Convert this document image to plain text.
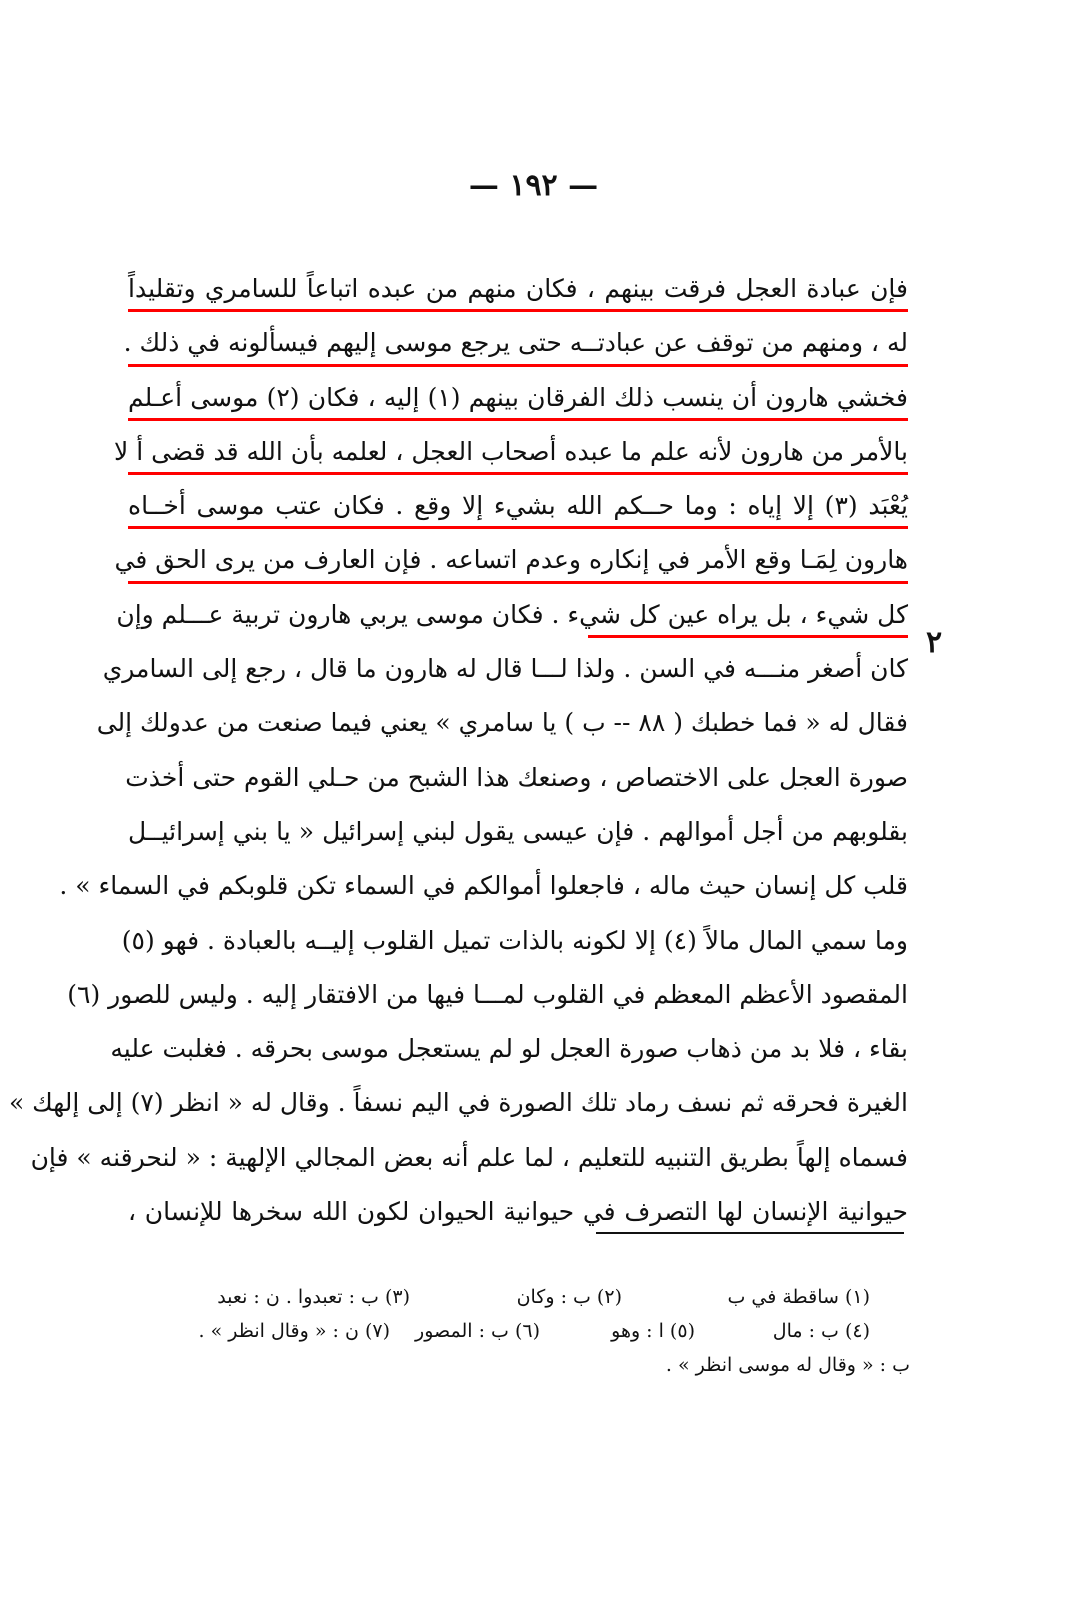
— ١٩٢ —
٢
فإن عبادة العجل فرقت بينهم ، فكان منهم من عبده اتباعاً للسامري وتقليداً
له ، ومنهم من توقف عن عبادتــه حتى يرجع موسى إليهم فيسألونه في ذلك .
فخشي هارون أن ينسب ذلك الفرقان بينهم (١) إليه ، فكان (٢) موسى أعـلم
بالأمر من هارون لأنه علم ما عبده أصحاب العجل ، لعلمه بأن الله قد قضى أ لا
يُعْبَد (٣) إلا إياه : وما حــكم الله بشيء إلا وقع . فكان عتب موسى أخــاه
هارون لِمَـا وقع الأمر في إنكاره وعدم اتساعه . فإن العارف من يرى الحق في
كل شيء ، بل يراه عين كل شيء . فكان موسى يربي هارون تربية عـــلم وإن
كان أصغر منـــه في السن . ولذا لـــا قال له هارون ما قال ، رجع إلى السامري
فقال له « فما خطبك ( ٨٨ -- ب ) يا سامري » يعني فيما صنعت من عدولك إلى
صورة العجل على الاختصاص ، وصنعك هذا الشبح من حـلي القوم حتى أخذت
بقلوبهم من أجل أموالهم . فإن عيسى يقول لبني إسرائيل « يا بني إسرائيــل
قلب كل إنسان حيث ماله ، فاجعلوا أموالكم في السماء تكن قلوبكم في السماء » .
وما سمي المال مالاً (٤) إلا لكونه بالذات تميل القلوب إليــه بالعبادة . فهو (٥)
المقصود الأعظم المعظم في القلوب لمـــا فيها من الافتقار إليه . وليس للصور (٦)
بقاء ، فلا بد من ذهاب صورة العجل لو لم يستعجل موسى بحرقه . فغلبت عليه
الغيرة فحرقه ثم نسف رماد تلك الصورة في اليم نسفاً . وقال له « انظر (٧) إلى إلهك »
فسماه إلهاً بطريق التنبيه للتعليم ، لما علم أنه بعض المجالي الإلهية : « لنحرقنه » فإن
حيوانية الإنسان لها التصرف في حيوانية الحيوان لكون الله سخرها للإنسان ،
(١) ساقطة في ب
(٢) ب : وكان
(٣) ب : تعبدوا . ن : نعبد
(٤) ب : مال
(٥) ا : وهو
(٦) ب : المصور
(٧) ن : « وقال انظر » .
ب : « وقال له موسى انظر » .
